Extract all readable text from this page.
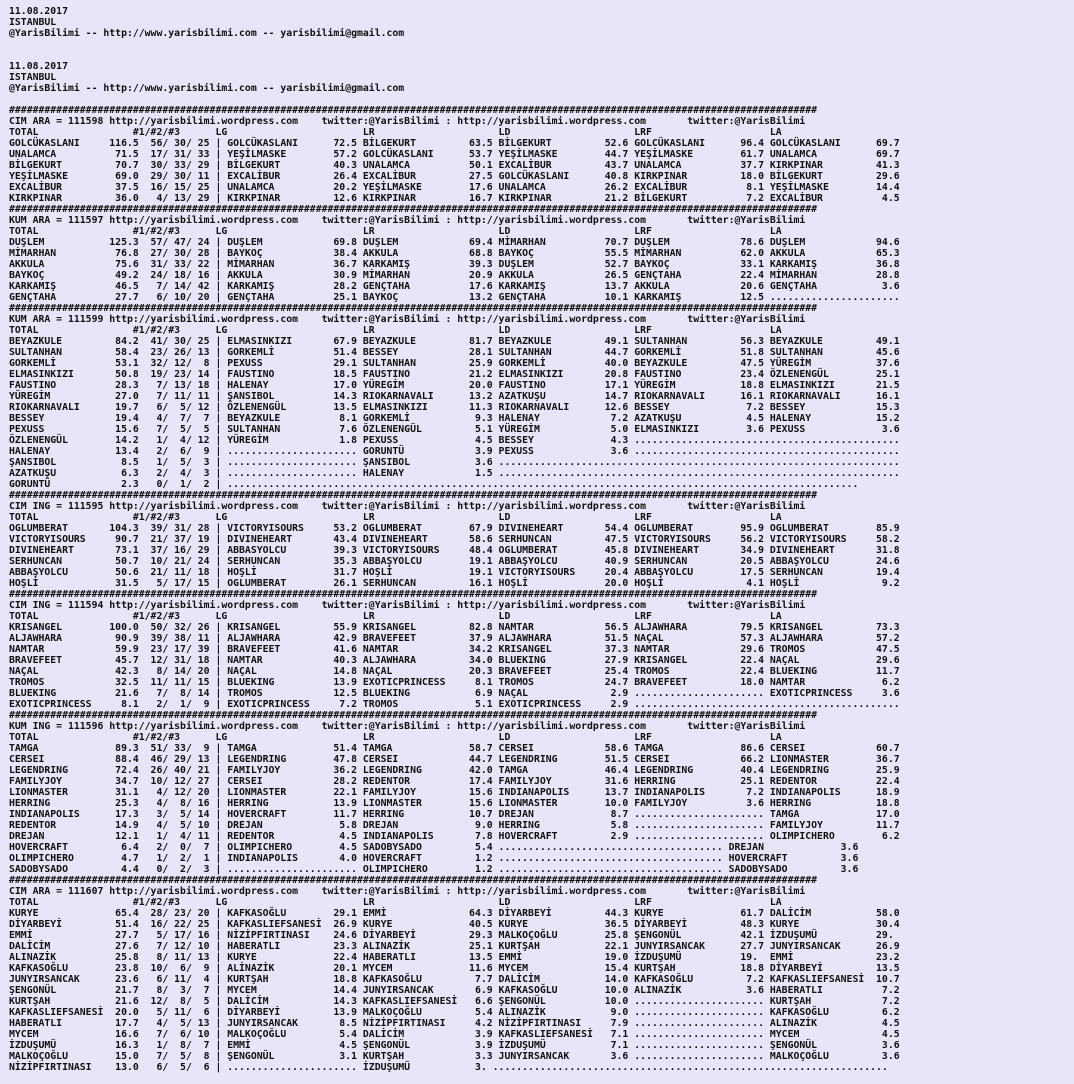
11.08.2017
ISTANBUL
@YarisBilimi -- http://www.yarisbilimi.com -- yarisbilimi@gmail.com

11.08.2017
ISTANBUL
@YarisBilimi -- http://www.yarisbilimi.com -- yarisbilimi@gmail.com

#########################################################################################################################################
CIM ARA = 111598 http://yarisbilimi.wordpress.com    twitter:@YarisBilimi : http://yarisbilimi.wordpress.com       twitter:@YarisBilimi
TOTAL                #1/#2/#3      LG                       LR                     LD                     LRF                    LA
GOLCÜKASLANI     116.5  56/ 30/ 25 | GOLCÜKASLANI      72.5 BİLGEKURT         63.5 BİLGEKURT         52.6 GOLCÜKASLANI      96.4 GOLCÜKASLANI      69.7
UNALAMCA          71.5  17/ 31/ 33 | YEŞİLMASKE        57.2 GOLCÜKASLANI      53.7 YEŞİLMASKE        44.7 YEŞİLMASKE        61.7 UNALAMCA          69.7
BİLGEKURT         70.7  30/ 33/ 29 | BİLGEKURT         40.3 UNALAMCA          50.1 EXCALİBUR         43.7 UNALAMCA          37.7 KIRKPINAR         41.3
YEŞİLMASKE        69.0  29/ 30/ 11 | EXCALİBUR         26.4 EXCALİBUR         27.5 GOLCÜKASLANI      40.8 KIRKPINAR         18.0 BİLGEKURT         29.6
EXCALİBUR         37.5  16/ 15/ 25 | UNALAMCA          20.2 YEŞİLMASKE        17.6 UNALAMCA          26.2 EXCALİBUR          8.1 YEŞİLMASKE        14.4
KIRKPINAR         36.0   4/ 13/ 29 | KIRKPINAR         12.6 KIRKPINAR         16.7 KIRKPINAR         21.2 BİLGEKURT          7.2 EXCALİBUR          4.5
#########################################################################################################################################
KUM ARA = 111597 http://yarisbilimi.wordpress.com    twitter:@YarisBilimi : http://yarisbilimi.wordpress.com       twitter:@YarisBilimi
TOTAL                #1/#2/#3      LG                       LR                     LD                     LRF                    LA
DUŞLEM           125.3  57/ 47/ 24 | DUŞLEM            69.8 DUŞLEM            69.4 MİMARHAN          70.7 DUŞLEM            78.6 DUŞLEM            94.6
MİMARHAN          76.8  27/ 30/ 28 | BAYKOÇ            38.4 AKKULA            68.8 BAYKOÇ            55.5 MİMARHAN          62.0 AKKULA            65.3
AKKULA            75.6  31/ 33/ 22 | MİMARHAN          36.7 KARKAMIŞ          39.3 DUŞLEM            52.7 BAYKOÇ            33.1 KARKAMIŞ          36.8
BAYKOÇ            49.2  24/ 18/ 16 | AKKULA            30.9 MİMARHAN          20.9 AKKULA            26.5 GENÇTAHA          22.4 MİMARHAN          28.8
KARKAMIŞ          46.5   7/ 14/ 42 | KARKAMIŞ          28.2 GENÇTAHA          17.6 KARKAMIŞ          13.7 AKKULA            20.6 GENÇTAHA           3.6
GENÇTAHA          27.7   6/ 10/ 20 | GENÇTAHA          25.1 BAYKOÇ            13.2 GENÇTAHA          10.1 KARKAMIŞ          12.5 ......................
#########################################################################################################################################
KUM ARA = 111599 http://yarisbilimi.wordpress.com    twitter:@YarisBilimi : http://yarisbilimi.wordpress.com       twitter:@YarisBilimi
TOTAL                #1/#2/#3      LG                       LR                     LD                     LRF                    LA
BEYAZKULE         84.2  41/ 30/ 25 | ELMASINKIZI       67.9 BEYAZKULE         81.7 BEYAZKULE         49.1 SULTANHAN         56.3 BEYAZKULE         49.1
SULTANHAN         58.4  23/ 26/ 13 | GORKEMLİ          51.4 BESSEY            28.1 SULTANHAN         44.7 GORKEMLİ          51.8 SULTANHAN         45.6
GORKEMLİ          53.1  32/ 12/  8 | PEXUSS            29.1 SULTANHAN         25.9 GORKEMLİ          40.0 BEYAZKULE         47.5 YÜREGİM           37.6
ELMASINKIZI       50.8  19/ 23/ 14 | FAUSTINO          18.5 FAUSTINO          21.2 ELMASINKIZI       20.8 FAUSTINO          23.4 ÖZLENENGÜL        25.1
FAUSTINO          28.3   7/ 13/ 18 | HALENAY           17.0 YÜREGİM           20.0 FAUSTINO          17.1 YÜREGİM           18.8 ELMASINKIZI       21.5
YÜREGİM           27.0   7/ 11/ 11 | ŞANSIBOL          14.3 RIOKARNAVALI      13.2 AZATKUŞU          14.7 RIOKARNAVALI      16.1 RIOKARNAVALI      16.1
RIOKARNAVALI      19.7   6/  5/ 12 | ÖZLENENGÜL        13.5 ELMASINKIZI       11.3 RIOKARNAVALI      12.6 BESSEY             7.2 BESSEY            15.3
BESSEY            19.4   4/  7/  7 | BEYAZKULE          8.1 GORKEMLİ           9.3 HALENAY            7.2 AZATKUŞU           4.5 HALENAY           15.2
PEXUSS            15.6   7/  5/  5 | SULTANHAN          7.6 ÖZLENENGÜL         5.1 YÜREGİM            5.0 ELMASINKIZI        3.6 PEXUSS             3.6
ÖZLENENGÜL        14.2   1/  4/ 12 | YÜREGİM            1.8 PEXUSS             4.5 BESSEY             4.3 .............................................
HALENAY           13.4   2/  6/  9 | ...................... GORUNTÜ            3.9 PEXUSS             3.6 .............................................
ŞANSIBOL           8.5   1/  5/  3 | ...................... ŞANSIBOL           3.6 ....................................................................
AZATKUŞU           6.3   2/  4/  3 | ...................... HALENAY            1.5 ....................................................................
GORUNTÜ            2.3   0/  1/  2 | ...........................................................................................................
#########################################################################################################################################
CIM ING = 111595 http://yarisbilimi.wordpress.com    twitter:@YarisBilimi : http://yarisbilimi.wordpress.com       twitter:@YarisBilimi
TOTAL                #1/#2/#3      LG                       LR                     LD                     LRF                    LA
OGLUMBERAT       104.3  39/ 31/ 28 | VICTORYISOURS     53.2 OGLUMBERAT        67.9 DIVINEHEART       54.4 OGLUMBERAT        95.9 OGLUMBERAT        85.9
VICTORYISOURS     90.7  21/ 37/ 19 | DIVINEHEART       43.4 DIVINEHEART       58.6 SERHUNCAN         47.5 VICTORYISOURS     56.2 VICTORYISOURS     58.2
DIVINEHEART       73.1  37/ 16/ 29 | ABBASYOLCU        39.3 VICTORYISOURS     48.4 OGLUMBERAT        45.8 DIVINEHEART       34.9 DIVINEHEART       31.8
SERHUNCAN         50.7  10/ 21/ 24 | SERHUNCAN         35.3 ABBAŞYOLCU        19.1 ABBAŞYOLCU        40.9 SERHUNCAN         20.5 ABBAŞYOLCU        24.6
ABBAŞYOLCU        50.6  21/ 11/ 18 | HOŞLİ             31.7 HOŞLİ             19.1 VICTORYISOURS     20.4 ABBAŞYOLCU        17.5 SERHUNCAN         19.4
HOŞLİ             31.5   5/ 17/ 15 | OGLUMBERAT        26.1 SERHUNCAN         16.1 HOŞLİ             20.0 HOŞLİ              4.1 HOŞLİ              9.2
#########################################################################################################################################
CIM ING = 111594 http://yarisbilimi.wordpress.com    twitter:@YarisBilimi : http://yarisbilimi.wordpress.com       twitter:@YarisBilimi
TOTAL                #1/#2/#3      LG                       LR                     LD                     LRF                    LA
KRISANGEL        100.0  50/ 32/ 26 | KRISANGEL         55.9 KRISANGEL         82.8 NAMTAR            56.5 ALJAWHARA         79.5 KRISANGEL         73.3
ALJAWHARA         90.9  39/ 38/ 11 | ALJAWHARA         42.9 BRAVEFEET         37.9 ALJAWHARA         51.5 NAÇAL             57.3 ALJAWHARA         57.2
NAMTAR            59.9  23/ 17/ 39 | BRAVEFEET         41.6 NAMTAR            34.2 KRISANGEL         37.3 NAMTAR            29.6 TROMOS            47.5
BRAVEFEET         45.7  12/ 31/ 18 | NAMTAR            40.3 ALJAWHARA         34.0 BLUEKING          27.9 KRISANGEL         22.4 NAÇAL             29.6
NAÇAL             42.3   8/ 14/ 20 | NAÇAL             14.8 NAÇAL             20.3 BRAVEFEET         25.4 TROMOS            22.4 BLUEKING          11.7
TROMOS            32.5  11/ 11/ 15 | BLUEKING          13.9 EXOTICPRINCESS     8.1 TROMOS            24.7 BRAVEFEET         18.0 NAMTAR             6.2
BLUEKING          21.6   7/  8/ 14 | TROMOS            12.5 BLUEKING           6.9 NAÇAL              2.9 ...................... EXOTICPRINCESS     3.6
EXOTICPRINCESS     8.1   2/  1/  9 | EXOTICPRINCESS     7.2 TROMOS             5.1 EXOTICPRINCESS     2.9 .............................................
#########################################################################################################################################
KUM ING = 111596 http://yarisbilimi.wordpress.com    twitter:@YarisBilimi : http://yarisbilimi.wordpress.com       twitter:@YarisBilimi
TOTAL                #1/#2/#3      LG                       LR                     LD                     LRF                    LA
TAMGA             89.3  51/ 33/  9 | TAMGA             51.4 TAMGA             58.7 CERSEI            58.6 TAMGA             86.6 CERSEI            60.7
CERSEI            88.4  46/ 29/ 13 | LEGENDRING        47.8 CERSEI            44.7 LEGENDRING        51.5 CERSEI            66.2 LIONMASTER        36.7
LEGENDRING        72.4  26/ 40/ 21 | FAMILYJOY         36.2 LEGENDRING        42.0 TAMGA             46.4 LEGENDRING        40.4 LEGENDRING        25.9
FAMILYJOY         34.7  10/ 12/ 27 | CERSEI            28.2 REDENTOR          17.4 FAMILYJOY         31.6 HERRING           25.1 REDENTOR          22.4
LIONMASTER        31.1   4/ 12/ 20 | LIONMASTER        22.1 FAMILYJOY         15.6 INDIANAPOLIS      13.7 INDIANAPOLIS       7.2 INDIANAPOLIS      18.9
HERRING           25.3   4/  8/ 16 | HERRING           13.9 LIONMASTER        15.6 LIONMASTER        10.0 FAMILYJOY          3.6 HERRING           18.8
INDIANAPOLIS      17.3   3/  5/ 14 | HOVERCRAFT        11.7 HERRING           10.7 DREJAN             8.7 ...................... TAMGA             17.0
REDENTOR          14.9   4/  5/ 10 | DREJAN             5.8 DREJAN             9.0 HERRING            5.8 ...................... FAMILYJOY         11.7
DREJAN            12.1   1/  4/ 11 | REDENTOR           4.5 INDIANAPOLIS       7.8 HOVERCRAFT         2.9 ...................... OLIMPICHERO        6.2
HOVERCRAFT         6.4   2/  0/  7 | OLIMPICHERO        4.5 SADOBYSADO         5.4 ...................................... DREJAN             3.6
OLIMPICHERO        4.7   1/  2/  1 | INDIANAPOLIS       4.0 HOVERCRAFT         1.2 ...................................... HOVERCRAFT         3.6
SADOBYSADO         4.4   0/  2/  3 | ...................... OLIMPICHERO        1.2 ...................................... SADOBYSADO         3.6
#########################################################################################################################################
CIM ARA = 111607 http://yarisbilimi.wordpress.com    twitter:@YarisBilimi : http://yarisbilimi.wordpress.com       twitter:@YarisBilimi
TOTAL                #1/#2/#3      LG                       LR                     LD                     LRF                    LA
KURYE             65.4  28/ 23/ 20 | KAFKASOĞLU        29.1 EMMİ              64.3 DİYARBEYİ         44.3 KURYE             61.7 DALİCİM           58.0
DİYARBEYİ         51.4  16/ 22/ 25 | KAFKASLIEFSANESİ  26.9 KURYE             40.5 KURYE             36.5 DİYARBEYİ         48.3 KURYE             30.4
EMMİ              27.7   5/ 17/ 16 | NİZİPFIRTINASI    24.6 DİYARBEYİ         29.3 MALKOÇOĞLU        25.8 ŞENGONÜL          42.1 İZDUŞUMÜ          29.
DALİCİM           27.6   7/ 12/ 10 | HABERATLI         23.3 ALINAZİK          25.1 KURTŞAH           22.1 JUNYIRSANCAK      27.7 JUNYIRSANCAK      26.9
ALINAZİK          25.8   8/ 11/ 13 | KURYE             22.4 HABERATLI         13.5 EMMİ              19.0 İZDUŞUMÜ          19.  EMMİ              23.2
KAFKASOĞLU        23.8  10/  6/  9 | ALİNAZİK          20.1 MYCEM             11.6 MYCEM             15.4 KURTŞAH           18.8 DİYARBEYİ         13.5
JUNYIRSANCAK      23.6   6/ 11/  4 | KURTŞAH           18.8 KAFKASOĞLU         7.7 DALİCİM           14.0 KAFKASOĞLU         7.2 KAFKASLIEFSANESİ  10.7
ŞENGONÜL          21.7   8/  3/  7 | MYCEM             14.4 JUNYIRSANCAK       6.9 KAFKASOĞLU        10.0 ALINAZİK           3.6 HABERATLI          7.2
KURTŞAH           21.6  12/  8/  5 | DALİCİM           14.3 KAFKASLIEFSANESİ   6.6 ŞENGONÜL          10.0 ...................... KURTŞAH            7.2
KAFKASLIEFSANESİ  20.0   5/ 11/  6 | DİYARBEYİ         13.9 MALKOÇOĞLU         5.4 ALINAZİK           9.0 ...................... KAFKASOĞLU         6.2
HABERATLI         17.7   4/  5/ 13 | JUNYIRSANCAK       8.5 NİZİPFIRTINASI     4.2 NİZİPFIRTINASI     7.9 ...................... ALINAZİK           4.5
MYCEM             16.6   7/  6/ 10 | MALKOÇOĞLU         5.4 DALİCİM            3.9 KAFKASLIEFSANESİ   7.1 ...................... MYCEM              4.5
İZDUŞUMÜ          16.3   1/  8/  7 | EMMİ               4.5 ŞENGONÜL           3.9 İZDUŞUMÜ           7.1 ...................... ŞENGONÜL           3.6
MALKOÇOĞLU        15.0   7/  5/  8 | ŞENGONÜL           3.1 KURTŞAH            3.3 JUNYIRSANCAK       3.6 ...................... MALKOÇOĞLU         3.6
NİZİPFIRTINASI    13.0   6/  5/  6 | ...................... İZDUŞUMÜ           3. ...................................................................
